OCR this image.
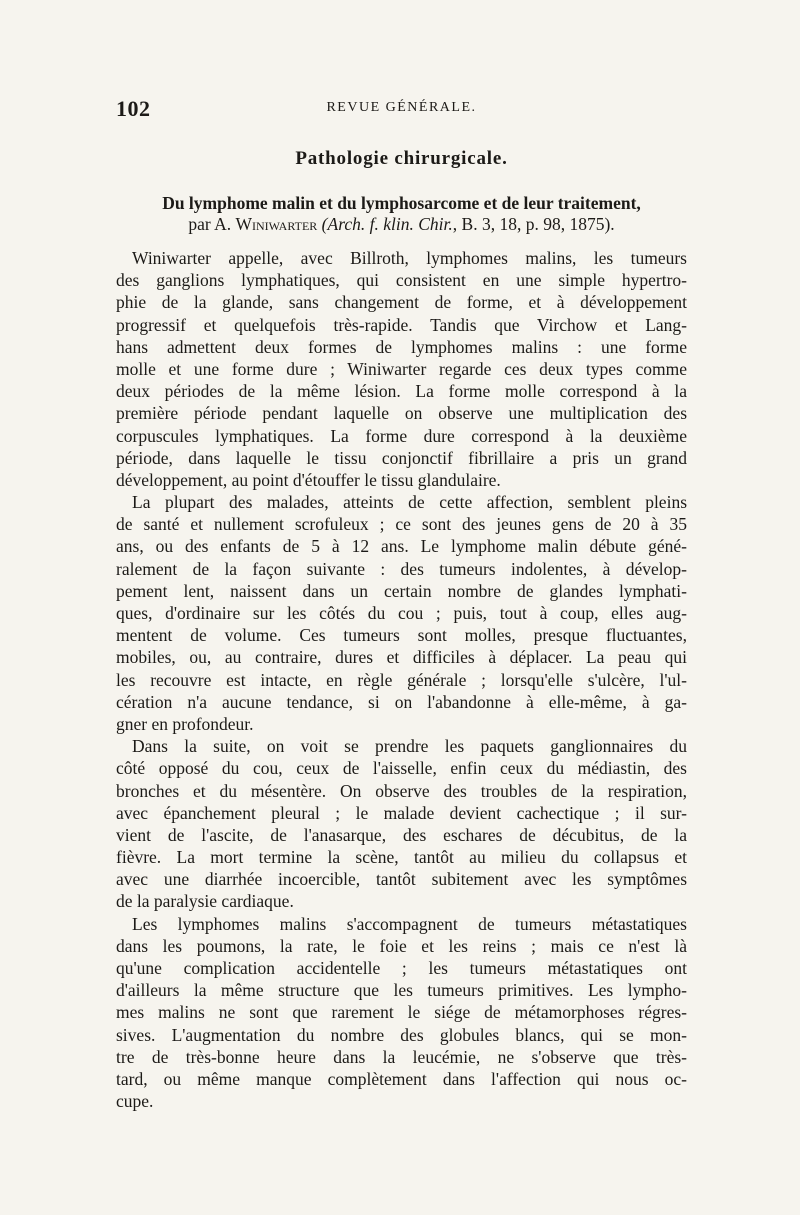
102	REVUE GÉNÉRALE.
Pathologie chirurgicale.
Du lymphome malin et du lymphosarcome et de leur traitement,
par A. Winiwarter (Arch. f. klin. Chir., B. 3, 18, p. 98, 1875).
Winiwarter appelle, avec Billroth, lymphomes malins, les tumeurs
des ganglions lymphatiques, qui consistent en une simple hypertro-
phie de la glande, sans changement de forme, et à développement
progressif et quelquefois très-rapide. Tandis que Virchow et Lang-
hans admettent deux formes de lymphomes malins : une forme
molle et une forme dure ; Winiwarter regarde ces deux types comme
deux périodes de la même lésion. La forme molle correspond à la
première période pendant laquelle on observe une multiplication des
corpuscules lymphatiques. La forme dure correspond à la deuxième
période, dans laquelle le tissu conjonctif fibrillaire a pris un grand
développement, au point d'étouffer le tissu glandulaire.
La plupart des malades, atteints de cette affection, semblent pleins
de santé et nullement scrofuleux ; ce sont des jeunes gens de 20 à 35
ans, ou des enfants de 5 à 12 ans. Le lymphome malin débute géné-
ralement de la façon suivante : des tumeurs indolentes, à dévelop-
pement lent, naissent dans un certain nombre de glandes lymphati-
ques, d'ordinaire sur les côtés du cou ; puis, tout à coup, elles aug-
mentent de volume. Ces tumeurs sont molles, presque fluctuantes,
mobiles, ou, au contraire, dures et difficiles à déplacer. La peau qui
les recouvre est intacte, en règle générale ; lorsqu'elle s'ulcère, l'ul-
cération n'a aucune tendance, si on l'abandonne à elle-même, à ga-
gner en profondeur.
Dans la suite, on voit se prendre les paquets ganglionnaires du
côté opposé du cou, ceux de l'aisselle, enfin ceux du médiastin, des
bronches et du mésentère. On observe des troubles de la respiration,
avec épanchement pleural ; le malade devient cachectique ; il sur-
vient de l'ascite, de l'anasarque, des eschares de décubitus, de la
fièvre. La mort termine la scène, tantôt au milieu du collapsus et
avec une diarrhée incoercible, tantôt subitement avec les symptômes
de la paralysie cardiaque.
Les lymphomes malins s'accompagnent de tumeurs métastatiques
dans les poumons, la rate, le foie et les reins ; mais ce n'est là
qu'une complication accidentelle ; les tumeurs métastatiques ont
d'ailleurs la même structure que les tumeurs primitives. Les lympho-
mes malins ne sont que rarement le siége de métamorphoses régres-
sives. L'augmentation du nombre des globules blancs, qui se mon-
tre de très-bonne heure dans la leucémie, ne s'observe que très-
tard, ou même manque complètement dans l'affection qui nous oc-
cupe.
